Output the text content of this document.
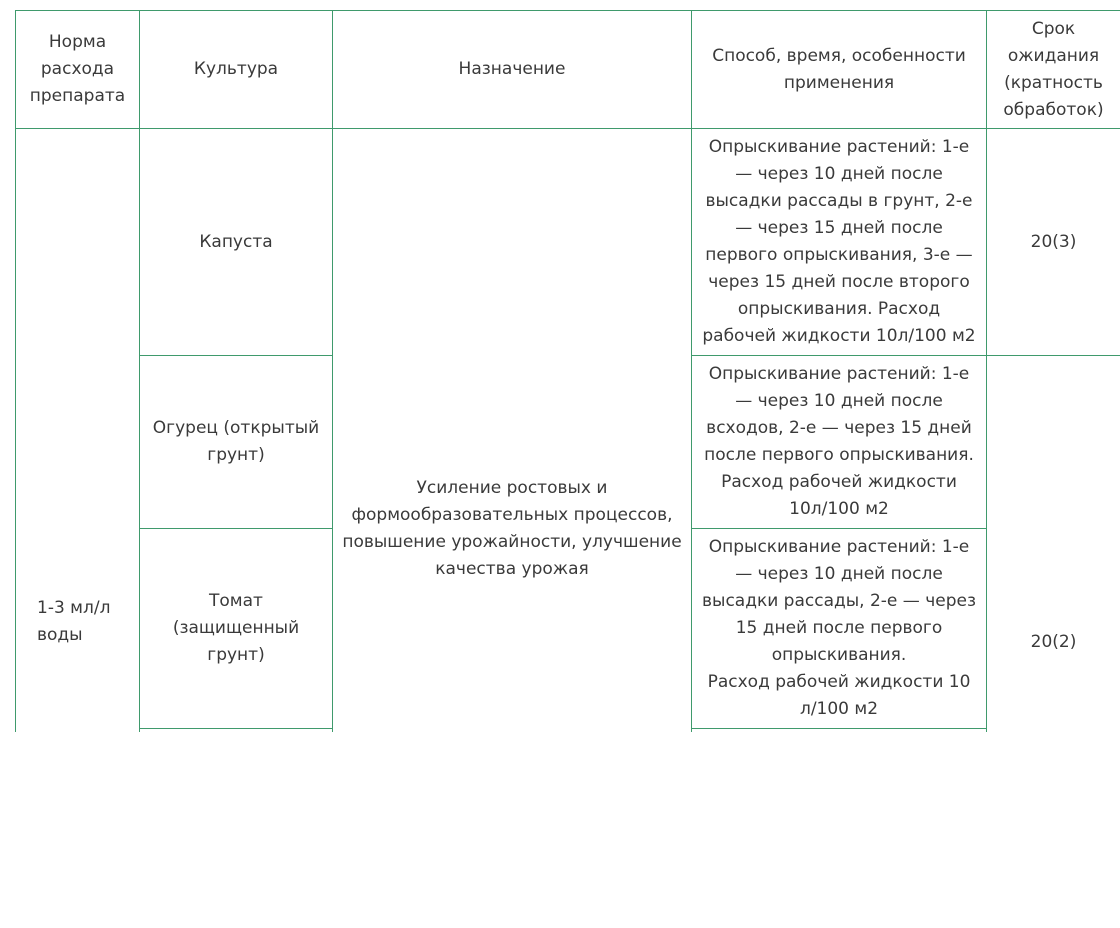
Норма
расхода
препарата
Культура	Назначение
Способ, время, особенности
применения
Срок
ожидания
(кратность
обработок)
1-3 мл/л
воды
Усиление ростовых и
формообразовательных процессов,
повышение урожайности, улучшение
качества урожая
Капуста
Опрыскивание растений: 1-е
— через 10 дней после
высадки рассады в грунт, 2-е
— через 15 дней после
первого опрыскивания, 3-е —
через 15 дней после второго
опрыскивания. Расход
рабочей жидкости 10л/100 м2
20(3)
Огурец (открытый
грунт)
Опрыскивание растений: 1-е
— через 10 дней после
всходов, 2-е — через 15 дней
после первого опрыскивания.
Расход рабочей жидкости
10л/100 м2
Томат
(защищенный
грунт)
Опрыскивание растений: 1-е
— через 10 дней после
высадки рассады, 2-е — через
15 дней после первого
опрыскивания.
Расход рабочей жидкости 10
л/100 м2
20(2)
